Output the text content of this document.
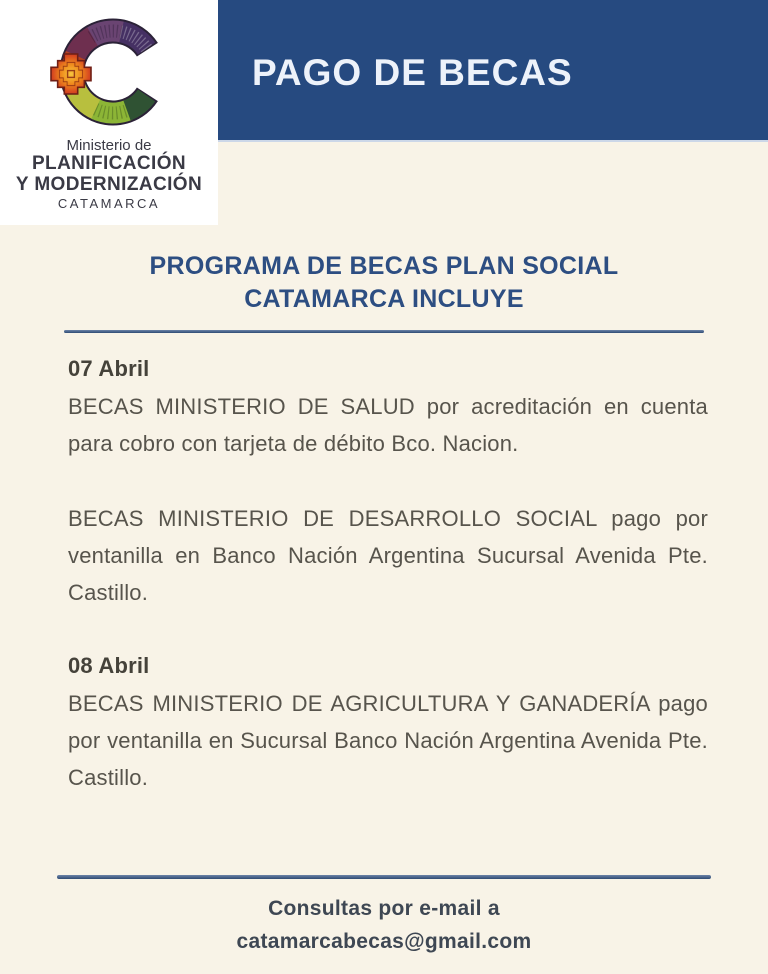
PAGO DE BECAS
Ministerio de
PLANIFICACIÓN
Y MODERNIZACIÓN
CATAMARCA
PROGRAMA DE BECAS PLAN SOCIAL
CATAMARCA INCLUYE
07 Abril

BECAS MINISTERIO DE SALUD por acreditación en cuenta para cobro con tarjeta de débito Bco. Nacion.

BECAS MINISTERIO DE DESARROLLO SOCIAL pago por ventanilla en Banco Nación Argentina Sucursal Avenida Pte. Castillo.

08 Abril

BECAS MINISTERIO DE AGRICULTURA Y GANADERÍA pago por ventanilla en Sucursal Banco Nación Argentina Avenida Pte. Castillo.

Consultas por e-mail a

catamarcabecas@gmail.com
